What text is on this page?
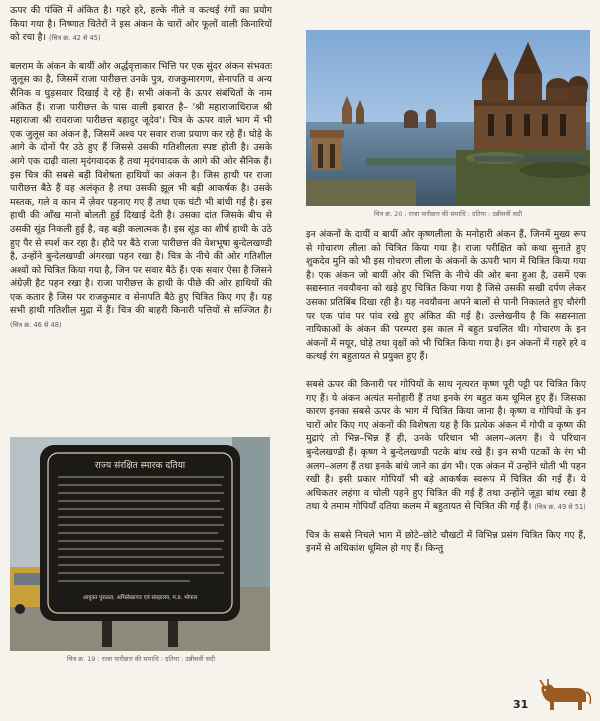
ऊपर की पंक्ति में अंकित है। गहरे हरे, हल्के नीले व कत्थई रंगों का प्रयोग किया गया है। निष्णात चितेरों ने इस अंकन के चारों ओर फूलों वाली किनारियों को रचा है। (चित्र क्र. 42 से 45)

बलराम के अंकन के बायीं ओर अर्द्धवृत्ताकार भित्ति पर एक सुंदर अंकन संभवतः जुलूस का है, जिसमें राजा पारीछत्त उनके पुत्र, राजकुमारगण, सेनापति व अन्य सैनिक व घुड़सवार दिखाई दे रहे हैं। सभी अंकनों के ऊपर संबंधितों के नाम अंकित हैं। राजा पारीछत्त के पास वाली इबारत है– 'श्री महाराजाधिराज श्री महाराजा श्री रावराजा पारीछत्त बहादुर जूदेव'। चित्र के ऊपर वाले भाग में भी एक जुलूस का अंकन है, जिसमें अश्व पर सवार राजा प्रयाण कर रहे हैं। घोड़े के आगे के दोनों पैर उठे हुए हैं जिससे उसकी गतिशीलता स्पष्ट होती है। उसके आगे एक दाढ़ी वाला मृदंगवादक है तथा मृदंगवादक के आगे की ओर सैनिक हैं। इस चित्र की सबसे बड़ी विशेषता हाथियों का अंकन है। जिस हाथी पर राजा पारीछत्त बैठे हैं वह अलंकृत है तथा उसकी झूल भी बड़ी आकर्षक है। उसके मस्तक, गले व कान में ज़ेवर पहनाए गए हैं तथा एक घंटी भी बांधी गई है। इस हाथी की आँख मानो बोलती हुई दिखाई देती है। उसका दांत जिसके बीच से उसकी सूंड निकली हुई है, वह बड़ी कलात्मक है। इस सूंड का शीर्ष हाथी के उठे हुए पैर से स्पर्श कर रहा है। हौदे पर बैठे राजा पारीछत्त की वेशभूषा बुन्देलखण्डी है, उन्होंने बुन्देलखण्डी अंगरखा पहन रखा है। चित्र के नीचे की ओर गतिशील अश्वों को चित्रित किया गया है, जिन पर सवार बैठे हैं। एक सवार ऐसा है जिसने अंग्रेज़ी हैट पहन रखा है। राजा पारीछत्त के हाथी के पीछे की ओर हाथियों की एक कतार है जिस पर राजकुमार व सेनापति बैठे हुए चित्रित किए गए हैं। यह सभी हाथी गतिशील मुद्रा में हैं। चित्र की बाहरी किनारी पत्तियों से सज्जित है। (चित्र क्र. 46 से 48)

चित्र क्र. 20 : राजा पारीछत्त की समाधि : दतिया : उन्नीसवीं सदी

इन अंकनों के दायीं व बायीं ओर कृष्णलीला के मनोहारी अंकन हैं, जिनमें मुख्य रूप से गोचारण लीला को चित्रित किया गया है। राजा परीक्षित को कथा सुनाते हुए शुकदेव मुनि को भी इस गोचरण लीला के अंकनों के ऊपरी भाग में चित्रित किया गया है। एक अंकन जो बायीं ओर की भित्ति के नीचे की ओर बना हुआ है, उसमें एक सद्यस्नात नवयौवना को खड़े हुए चित्रित किया गया है जिसे उसकी सखी दर्पण लेकर उसका प्रतिबिंब दिखा रही है। यह नवयौवना अपने बालों से पानी निकालते हुए चौरंगी पर एक पांव पर पांव रखे हुए अंकित की गई है। उल्लेखनीय है कि सद्यस्नाता नायिकाओं के अंकन की परम्परा इस काल में बहुत प्रचलित थी। गोचारण के इन अंकनों में मयूर, घोड़े तथा वृक्षों को भी चित्रित किया गया है। इन अंकनों में गहरे हरे व कत्थई रंग बहुतायत से प्रयुक्त हुए हैं।

सबसे ऊपर की किनारी पर गोपियों के साथ नृत्यरत कृष्ण पूरी पट्टी पर चित्रित किए गए हैं। ये अंकन अत्यंत मनोहारी हैं तथा इनके रंग बहुत कम धूमिल हुए हैं। जिसका कारण इनका सबसे ऊपर के भाग में चित्रित किया जाना है। कृष्ण व गोपियों के इन चारों ओर किए गए अंकनों की विशेषता यह है कि प्रत्येक अंकन में गोपी व कृष्ण की मुद्राएं तो भिन्न–भिन्न हैं ही, उनके परिधान भी अलग–अलग हैं। ये परिधान बुन्देलखण्डी हैं। कृष्ण ने बुन्देलखण्डी पटके बांध रखे हैं। इन सभी पटकों के रंग भी अलग–अलग हैं तथा इनके बांधे जाने का ढंग भी। एक अंकन में उन्होंने धोती भी पहन रखी है। इसी प्रकार गोपियाँ भी बड़े आकर्षक स्वरूप में चित्रित की गई हैं। ये अधिकतर लहंगा व चोली पहने हुए चित्रित की गई हैं तथा उन्होंने जूड़ा बांध रखा है तथा ये तमाम गोपियाँ दतिया कलम में बहुतायत से चित्रित की गई हैं। (चित्र क्र. 49 से 51)

चित्र के सबसे निचले भाग में छोटे–छोटे चौखटों में विभिन्न प्रसंग चित्रित किए गए हैं, इनमें से अधिकांश धूमिल हो गए हैं। किन्तु

राज्य संरक्षित स्मारक दतिया
आयुक्त पुरातत्व, अभिलेखागार एवं संग्रहालय, म.प्र. भोपाल
चित्र क्र. 19 : राजा पारीछत्त की समाधि : दतिया : उन्नीसवीं सदी
31
